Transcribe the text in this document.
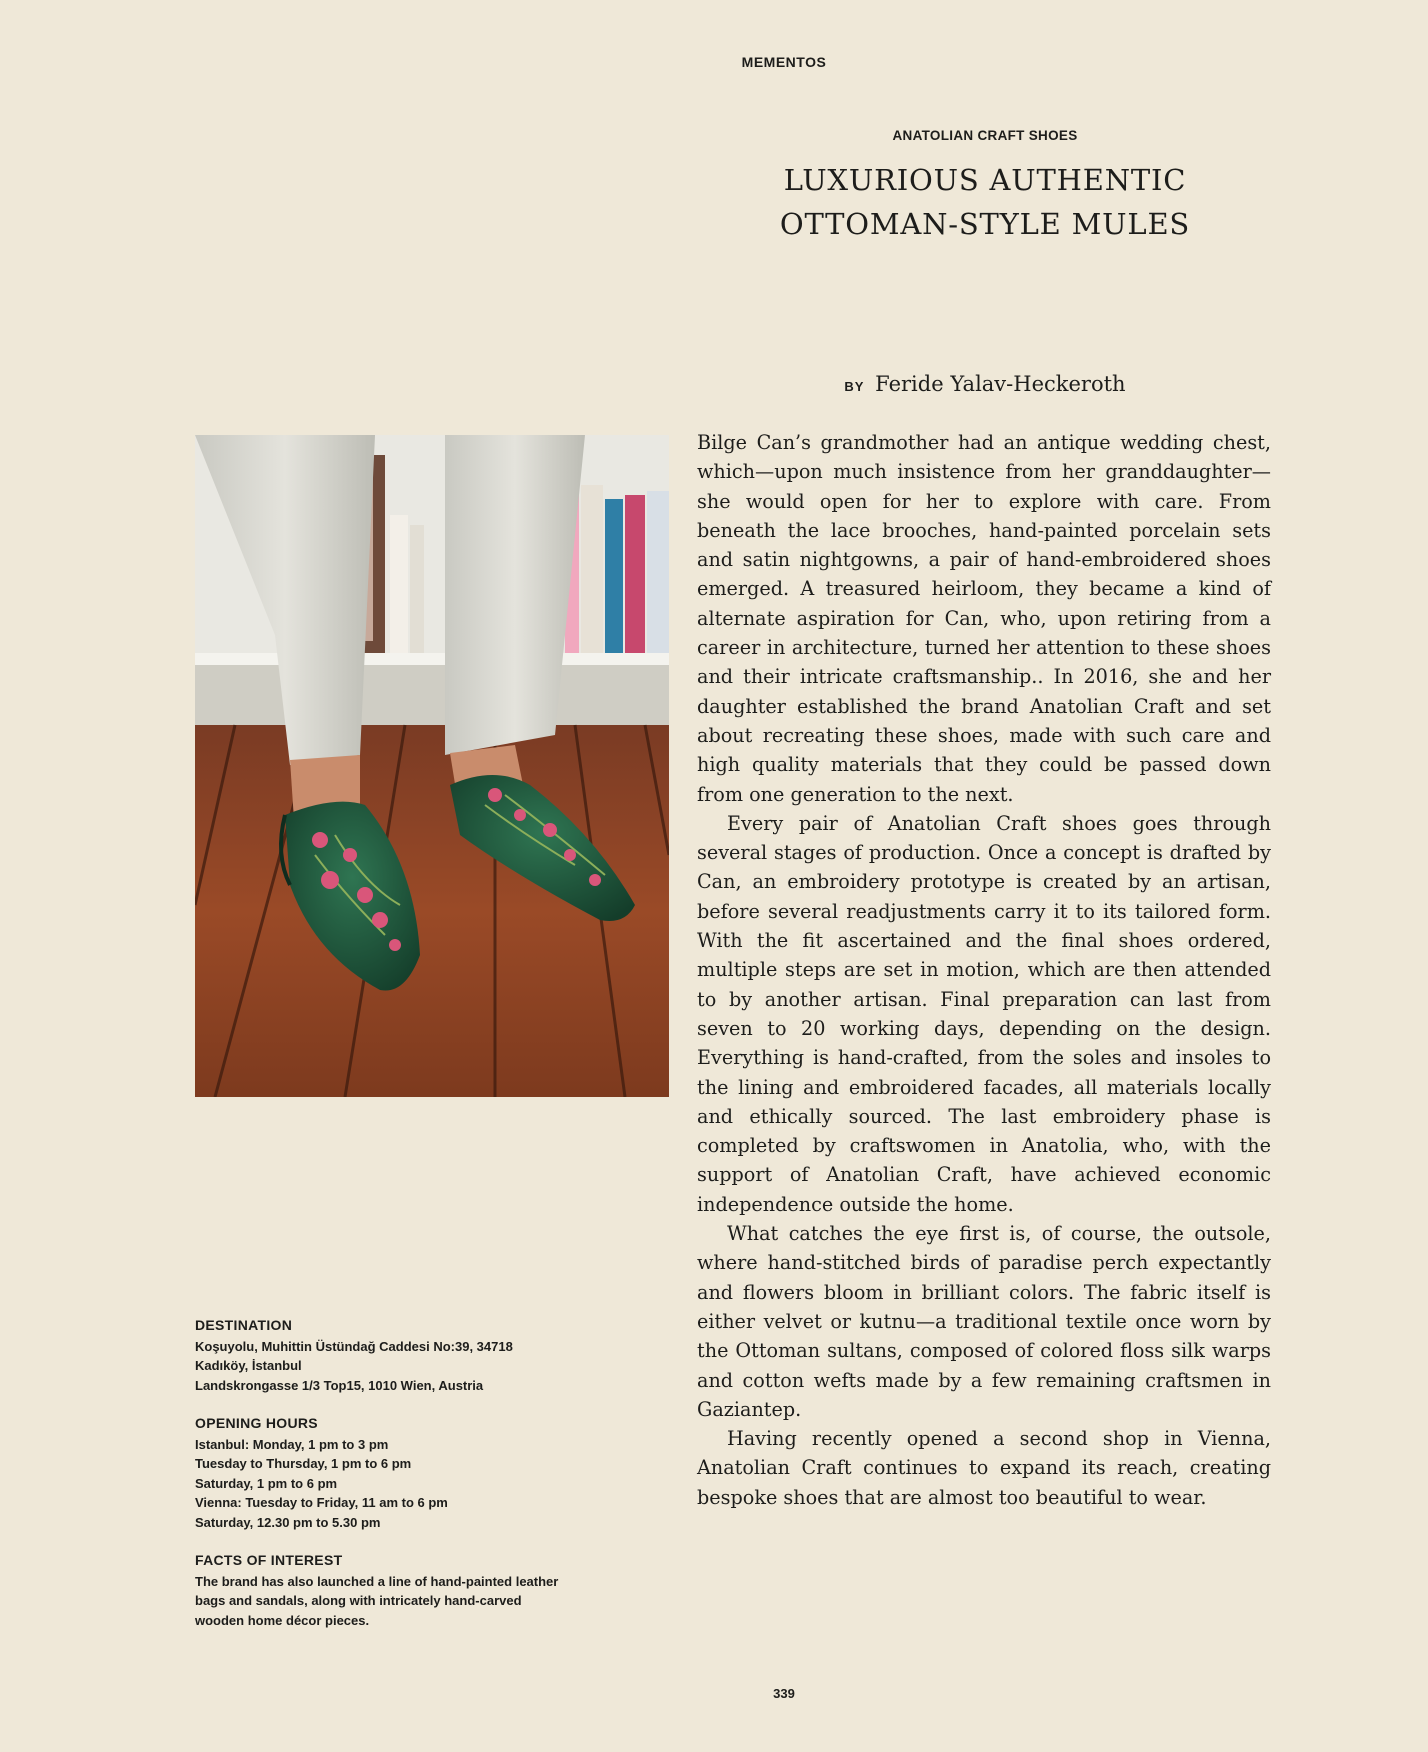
MEMENTOS
ANATOLIAN CRAFT SHOES
LUXURIOUS AUTHENTIC
OTTOMAN-STYLE MULES
BY Feride Yalav-Heckeroth

Bilge Can’s grandmother had an antique wedding chest, which—upon much insistence from her granddaughter—she would open for her to explore with care. From beneath the lace brooches, hand-painted porcelain sets and satin nightgowns, a pair of hand-embroidered shoes emerged. A treasured heirloom, they became a kind of alternate aspiration for Can, who, upon retiring from a career in architecture, turned her attention to these shoes and their intricate craftsmanship.. In 2016, she and her daughter established the brand Anatolian Craft and set about recreating these shoes, made with such care and high quality materials that they could be passed down from one generation to the next.

Every pair of Anatolian Craft shoes goes through several stages of production. Once a concept is drafted by Can, an embroidery prototype is created by an artisan, before several readjustments carry it to its tailored form. With the fit ascertained and the final shoes ordered, multiple steps are set in motion, which are then attended to by another artisan. Final preparation can last from seven to 20 working days, depending on the design. Everything is hand-crafted, from the soles and insoles to the lining and embroidered facades, all materials locally and ethically sourced. The last embroidery phase is completed by craftswomen in Anatolia, who, with the support of Anatolian Craft, have achieved economic independence outside the home.

What catches the eye first is, of course, the outsole, where hand-stitched birds of paradise perch expectantly and flowers bloom in brilliant colors. The fabric itself is either velvet or kutnu—a traditional textile once worn by the Ottoman sultans, composed of colored floss silk warps and cotton wefts made by a few remaining craftsmen in Gaziantep.

Having recently opened a second shop in Vienna, Anatolian Craft continues to expand its reach, creating bespoke shoes that are almost too beautiful to wear.

DESTINATION
Koşuyolu, Muhittin Üstündağ Caddesi No:39, 34718
Kadıköy, İstanbul
Landskrongasse 1/3 Top15, 1010 Wien, Austria
OPENING HOURS
Istanbul: Monday, 1 pm to 3 pm
Tuesday to Thursday, 1 pm to 6 pm
Saturday, 1 pm to 6 pm
Vienna: Tuesday to Friday, 11 am to 6 pm
Saturday, 12.30 pm to 5.30 pm
FACTS OF INTEREST
The brand has also launched a line of hand-painted leather bags and sandals, along with intricately hand-carved wooden home décor pieces.
339
